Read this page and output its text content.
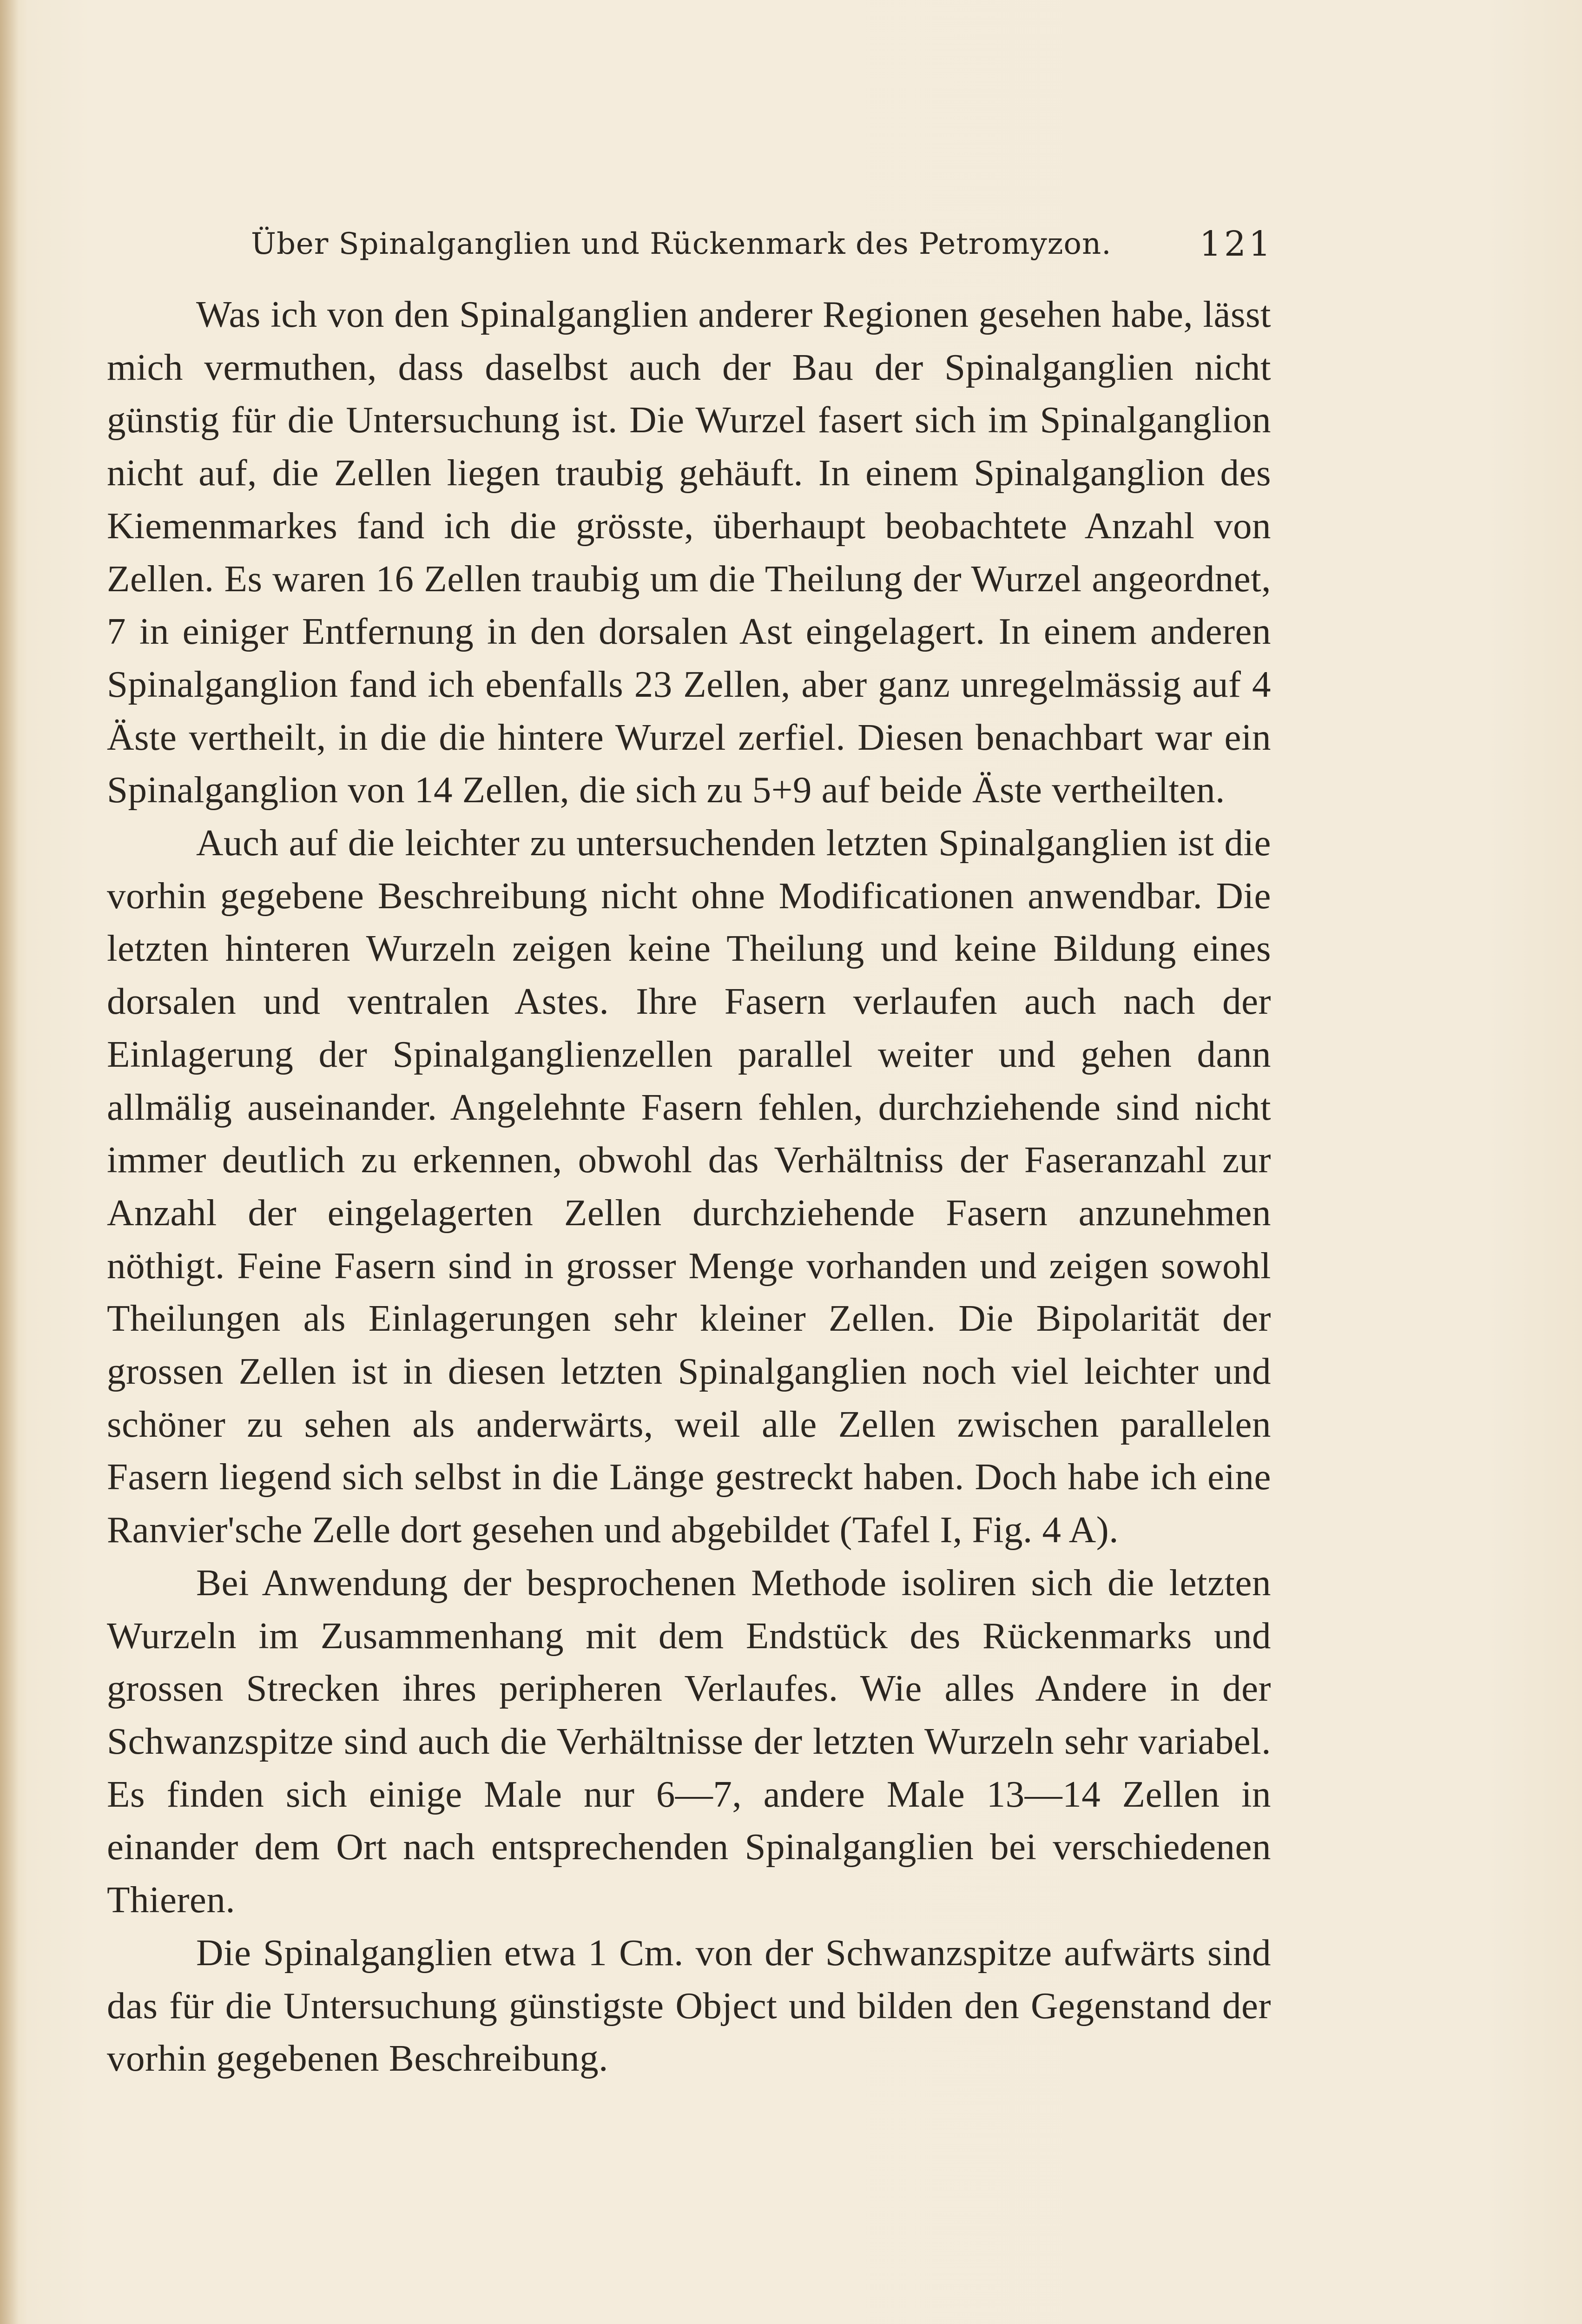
Über Spinalganglien und Rückenmark des Petromyzon.	121

Was ich von den Spinalganglien anderer Regionen gesehen habe, lässt mich vermuthen, dass daselbst auch der Bau der Spinalganglien nicht günstig für die Untersuchung ist. Die Wurzel fasert sich im Spinalganglion nicht auf, die Zellen liegen traubig gehäuft. In einem Spinalganglion des Kiemenmarkes fand ich die grösste, überhaupt beobachtete Anzahl von Zellen. Es waren 16 Zellen traubig um die Theilung der Wurzel angeordnet, 7 in einiger Entfernung in den dorsalen Ast eingelagert. In einem anderen Spinalganglion fand ich ebenfalls 23 Zellen, aber ganz unregelmässig auf 4 Äste vertheilt, in die die hintere Wurzel zerfiel. Diesen benachbart war ein Spinalganglion von 14 Zellen, die sich zu 5+9 auf beide Äste vertheilten.

Auch auf die leichter zu untersuchenden letzten Spinalganglien ist die vorhin gegebene Beschreibung nicht ohne Modificationen anwendbar. Die letzten hinteren Wurzeln zeigen keine Theilung und keine Bildung eines dorsalen und ventralen Astes. Ihre Fasern verlaufen auch nach der Einlagerung der Spinalganglienzellen parallel weiter und gehen dann allmälig auseinander. Angelehnte Fasern fehlen, durchziehende sind nicht immer deutlich zu erkennen, obwohl das Verhältniss der Faseranzahl zur Anzahl der eingelagerten Zellen durchziehende Fasern anzunehmen nöthigt. Feine Fasern sind in grosser Menge vorhanden und zeigen sowohl Theilungen als Einlagerungen sehr kleiner Zellen. Die Bipolarität der grossen Zellen ist in diesen letzten Spinalganglien noch viel leichter und schöner zu sehen als anderwärts, weil alle Zellen zwischen parallelen Fasern liegend sich selbst in die Länge gestreckt haben. Doch habe ich eine Ranvier'sche Zelle dort gesehen und abgebildet (Tafel I, Fig. 4 A).

Bei Anwendung der besprochenen Methode isoliren sich die letzten Wurzeln im Zusammenhang mit dem Endstück des Rückenmarks und grossen Strecken ihres peripheren Verlaufes. Wie alles Andere in der Schwanzspitze sind auch die Verhältnisse der letzten Wurzeln sehr variabel. Es finden sich einige Male nur 6—7, andere Male 13—14 Zellen in einander dem Ort nach entsprechenden Spinalganglien bei verschiedenen Thieren.

Die Spinalganglien etwa 1 Cm. von der Schwanzspitze aufwärts sind das für die Untersuchung günstigste Object und bilden den Gegenstand der vorhin gegebenen Beschreibung.
